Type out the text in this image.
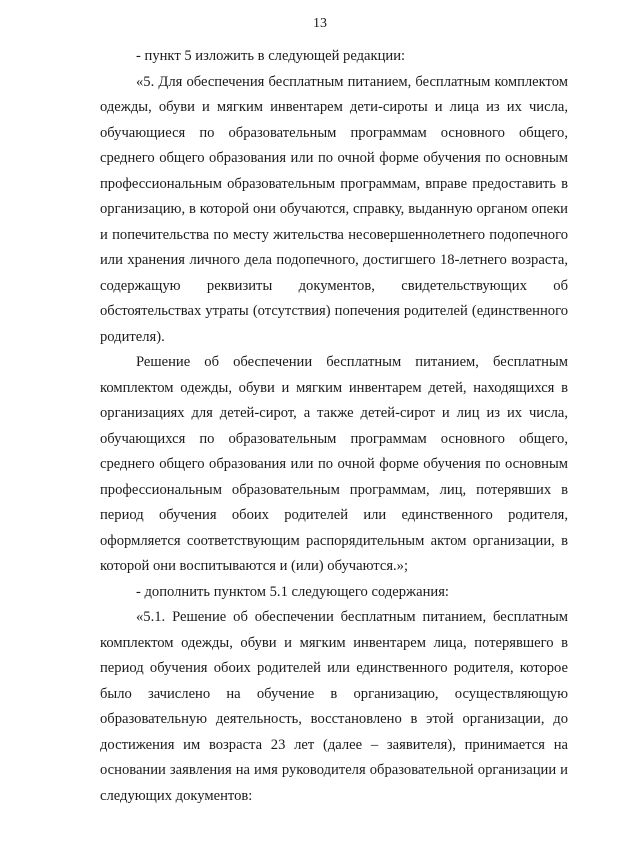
13

- пункт 5 изложить в следующей редакции:

«5. Для обеспечения бесплатным питанием, бесплатным комплектом одежды, обуви и мягким инвентарем дети-сироты и лица из их числа, обучающиеся по образовательным программам основного общего, среднего общего образования или по очной форме обучения по основным профессиональным образовательным программам, вправе предоставить в организацию, в которой они обучаются, справку, выданную органом опеки и попечительства по месту жительства несовершеннолетнего подопечного или хранения личного дела подопечного, достигшего 18-летнего возраста, содержащую реквизиты документов, свидетельствующих об обстоятельствах утраты (отсутствия) попечения родителей (единственного родителя).

Решение об обеспечении бесплатным питанием, бесплатным комплектом одежды, обуви и мягким инвентарем детей, находящихся в организациях для детей-сирот, а также детей-сирот и лиц из их числа, обучающихся по образовательным программам основного общего, среднего общего образования или по очной форме обучения по основным профессиональным образовательным программам, лиц, потерявших в период обучения обоих родителей или единственного родителя, оформляется соответствующим распорядительным актом организации, в которой они воспитываются и (или) обучаются.»;

- дополнить пунктом 5.1 следующего содержания:

«5.1. Решение об обеспечении бесплатным питанием, бесплатным комплектом одежды, обуви и мягким инвентарем лица, потерявшего в период обучения обоих родителей или единственного родителя, которое было зачислено на обучение в организацию, осуществляющую образовательную деятельность, восстановлено в этой организации, до достижения им возраста 23 лет (далее – заявителя), принимается на основании заявления на имя руководителя образовательной организации и следующих документов:
